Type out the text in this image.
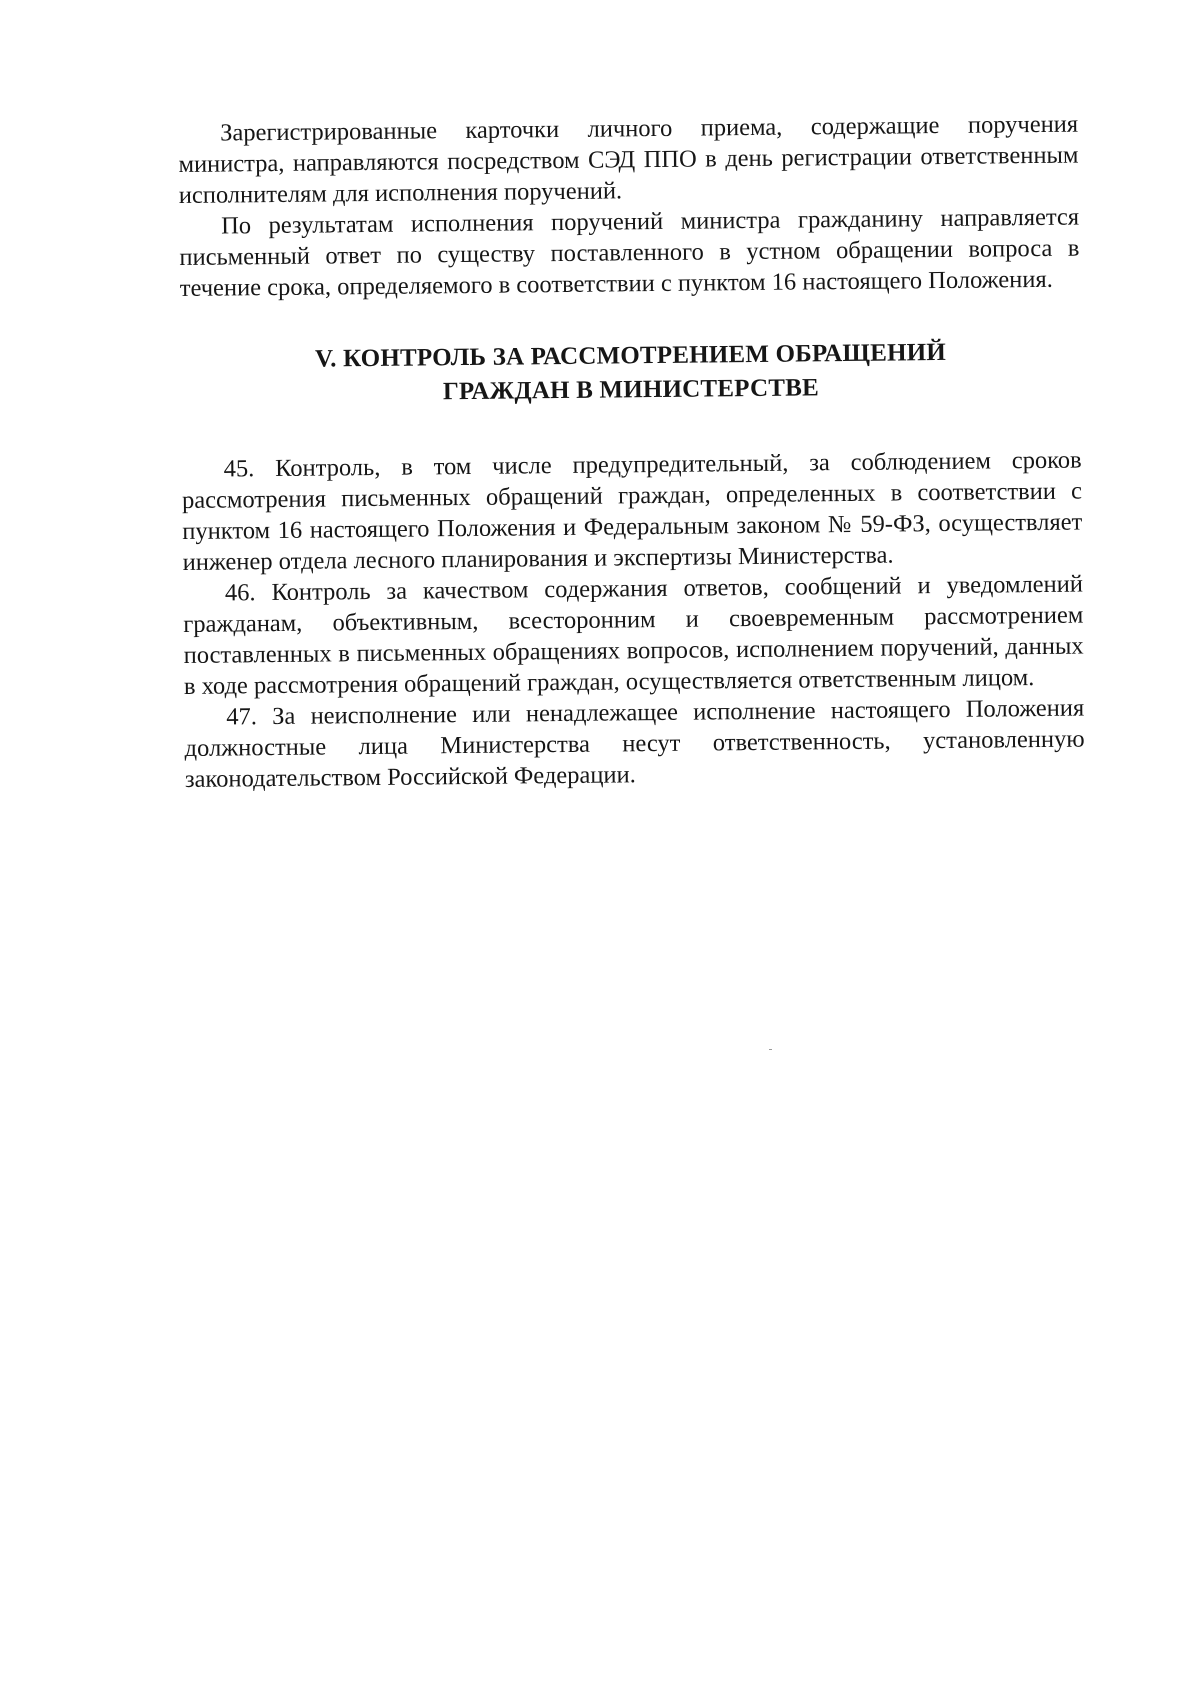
Зарегистрированные карточки личного приема, содержащие поручения министра, направляются посредством СЭД ППО в день регистрации ответственным исполнителям для исполнения поручений.

По результатам исполнения поручений министра гражданину направляется письменный ответ по существу поставленного в устном обращении вопроса в течение срока, определяемого в соответствии с пунктом 16 настоящего Положения.

V. КОНТРОЛЬ ЗА РАССМОТРЕНИЕМ ОБРАЩЕНИЙ
ГРАЖДАН В МИНИСТЕРСТВЕ

45. Контроль, в том числе предупредительный, за соблюдением сроков рассмотрения письменных обращений граждан, определенных в соответствии с пунктом 16 настоящего Положения и Федеральным законом № 59-ФЗ, осуществляет инженер отдела лесного планирования и экспертизы Министерства.

46. Контроль за качеством содержания ответов, сообщений и уведомлений гражданам, объективным, всесторонним и своевременным рассмотрением поставленных в письменных обращениях вопросов, исполнением поручений, данных в ходе рассмотрения обращений граждан, осуществляется ответственным лицом.

47. За неисполнение или ненадлежащее исполнение настоящего Положения должностные лица Министерства несут ответственность, установленную законодательством Российской Федерации.
